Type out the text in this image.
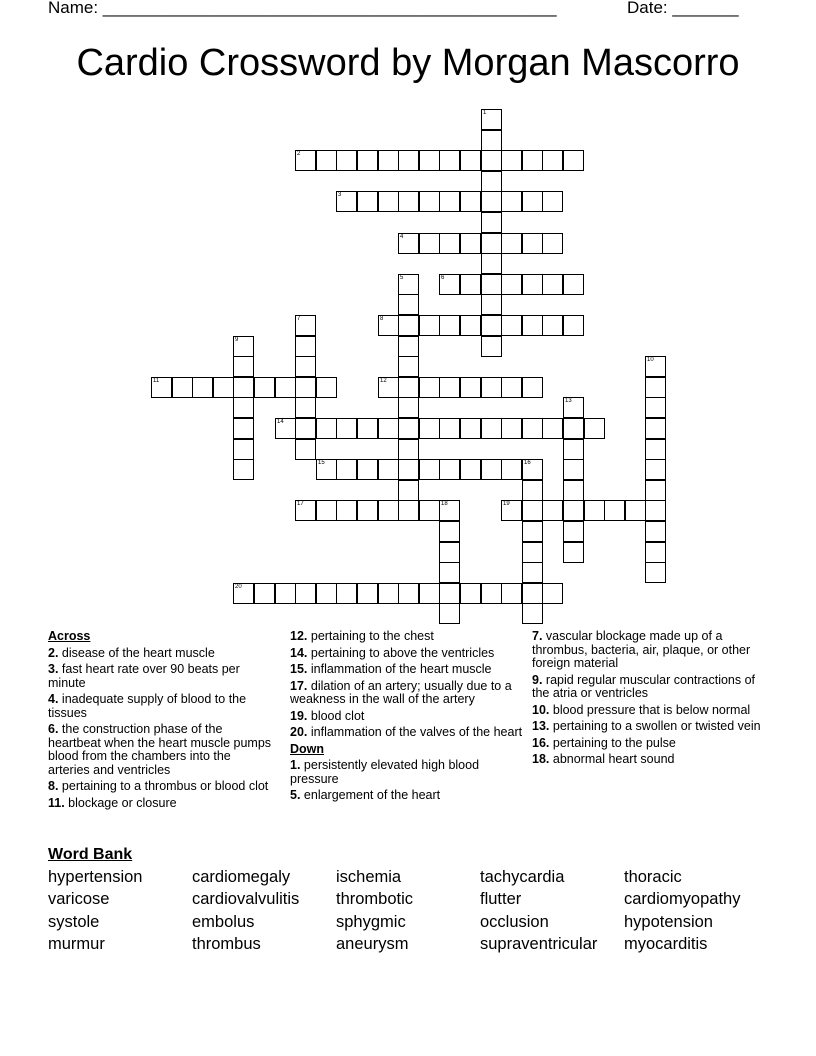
Name: ________________________________________________	Date: _______
Cardio Crossword by Morgan Mascorro
2
3
4
6
8
11	12
14
15	16
17	19
20
1
5
7
9
10
13
18
Across
2. disease of the heart muscle
3. fast heart rate over 90 beats per minute
4. inadequate supply of blood to the tissues
6. the construction phase of the heartbeat when the heart muscle pumps blood from the chambers into the arteries and ventricles
8. pertaining to a thrombus or blood clot
11. blockage or closure
12. pertaining to the chest
14. pertaining to above the ventricles
15. inflammation of the heart muscle
17. dilation of an artery; usually due to a weakness in the wall of the artery
19. blood clot
20. inflammation of the valves of the heart
Down
1. persistently elevated high blood pressure
5. enlargement of the heart
7. vascular blockage made up of a thrombus, bacteria, air, plaque, or other foreign material
9. rapid regular muscular contractions of the atria or ventricles
10. blood pressure that is below normal
13. pertaining to a swollen or twisted vein
16. pertaining to the pulse
18. abnormal heart sound
Word Bank
hypertension	cardiomegaly	ischemia	tachycardia	thoracic
varicose	cardiovalvulitis thrombotic	flutter	cardiomyopathy
systole	embolus	sphygmic	occlusion	hypotension
murmur	thrombus	aneurysm	supraventricular myocarditis
